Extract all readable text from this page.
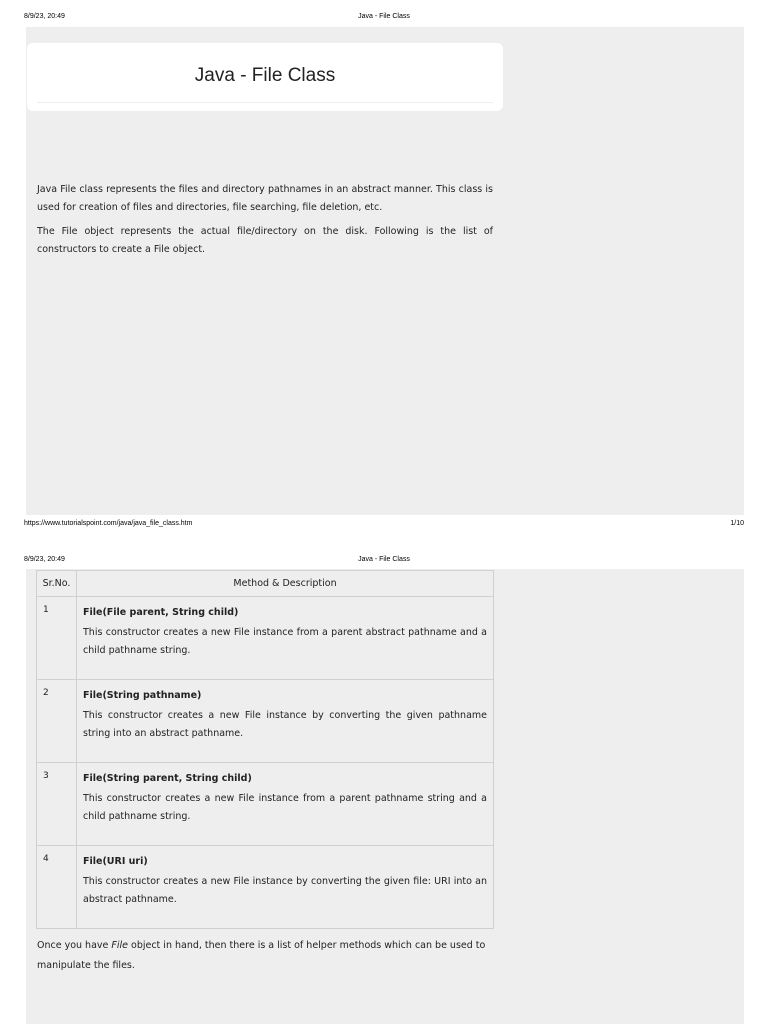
8/9/23, 20:49	Java - File Class
Java - File Class

Java File class represents the files and directory pathnames in an abstract manner. This class is used for creation of files and directories, file searching, file deletion, etc.

The File object represents the actual file/directory on the disk. Following is the list of constructors to create a File object.

https://www.tutorialspoint.com/java/java_file_class.htm	1/10
8/9/23, 20:49	Java - File Class
Sr.No.	Method & Description
1	File(File parent, String child)
This constructor creates a new File instance from a parent abstract pathname and a child pathname string.

2	File(String pathname)
This constructor creates a new File instance by converting the given pathname string into an abstract pathname.

3	File(String parent, String child)
This constructor creates a new File instance from a parent pathname string and a child pathname string.

4	File(URI uri)
This constructor creates a new File instance by converting the given file: URI into an abstract pathname.

Once you have File object in hand, then there is a list of helper methods which can be used to manipulate the files.
